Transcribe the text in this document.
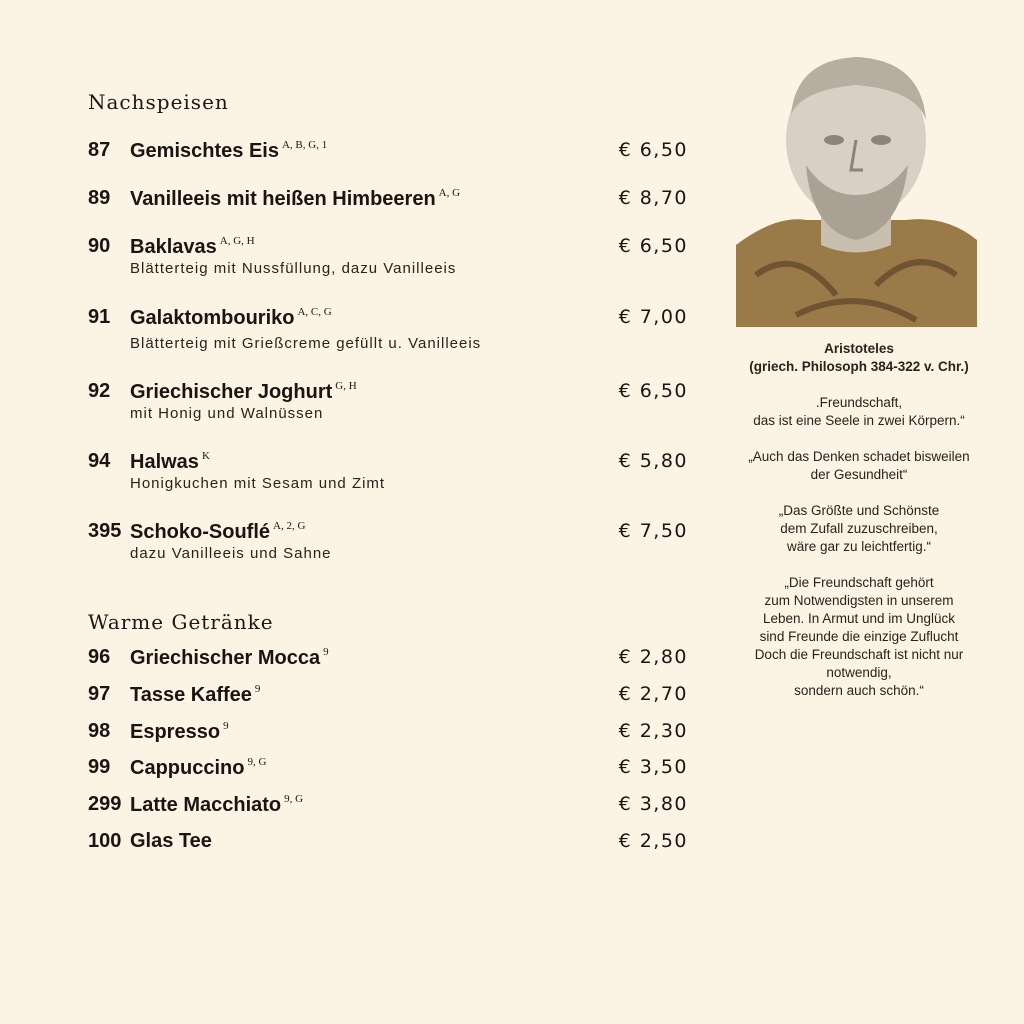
Nachspeisen
87 Gemischtes Eis $^{A, B, G, 1}$	€ 6,50
89 Vanilleeis mit heißen Himbeeren $^{A, G}$	€ 8,70
90 Baklavas $^{A, G, H}$
Blätterteig mit Nussfüllung, dazu Vanilleeis
€ 6,50
91 Galaktombouriko $^{A, C, G}$
Blätterteig mit Grießcreme gefüllt u. Vanilleeis
€ 7,00
92 Griechischer Joghurt $^{G, H}$
mit Honig und Walnüssen
€ 6,50
94 Halwas $^K$
Honigkuchen mit Sesam und Zimt
€ 5,80
395 Schoko-Souflé $^{A, 2, G}$
dazu Vanilleeis und Sahne
€ 7,50
Warme Getränke
96 Griechischer Mocca $^9$	€ 2,80
97 Tasse Kaffee $^9$	€ 2,70
98 Espresso $^9$	€ 2,30
99 Cappuccino $^{9, G}$	€ 3,50
299 Latte Macchiato $^{9, G}$	€ 3,80
100 Glas Tee	€ 2,50
Aristoteles
(griech. Philosoph 384-322 v. Chr.)
.Freundschaft,
das ist eine Seele in zwei Körpern.“
„Auch das Denken schadet bisweilen
der Gesundheit“
„Das Größte und Schönste
dem Zufall zuzuschreiben,
wäre gar zu leichtfertig.“
„Die Freundschaft gehört
zum Notwendigsten in unserem
Leben. In Armut und im Unglück
sind Freunde die einzige Zuflucht
Doch die Freundschaft ist nicht nur
notwendig,
sondern auch schön.“
